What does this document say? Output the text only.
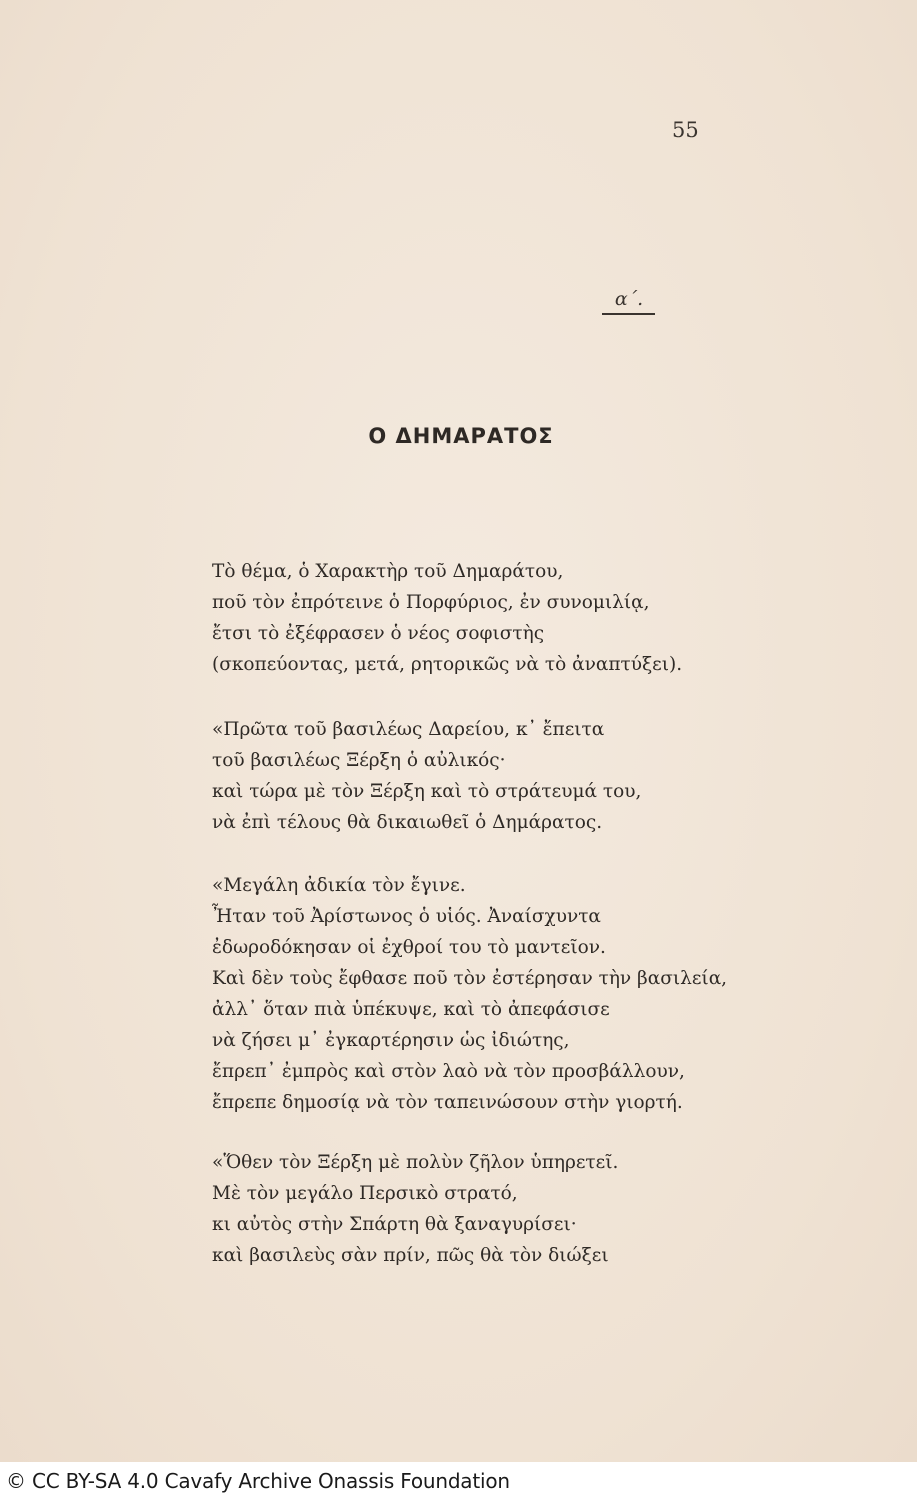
55
α΄.
Ο ΔΗΜΑΡΑΤΟΣ
Τὸ θέμα, ὁ Χαρακτὴρ τοῦ Δημαράτου,
ποῦ τὸν ἐπρότεινε ὁ Πορφύριος, ἐν συνομιλίᾳ,
ἔτσι τὸ ἐξέφρασεν ὁ νέος σοφιστὴς
(σκοπεύοντας, μετά, ρητορικῶς νὰ τὸ ἀναπτύξει).
«Πρῶτα τοῦ βασιλέως Δαρείου, κ᾿ ἔπειτα
τοῦ βασιλέως Ξέρξη ὁ αὐλικός·
καὶ τώρα μὲ τὸν Ξέρξη καὶ τὸ στράτευμά του,
νὰ ἐπὶ τέλους θὰ δικαιωθεῖ ὁ Δημάρατος.
«Μεγάλη ἀδικία τὸν ἔγινε.
Ἦταν τοῦ Ἀρίστωνος ὁ υἱός. Ἀναίσχυντα
ἐδωροδόκησαν οἱ ἐχθροί του τὸ μαντεῖον.
Καὶ δὲν τοὺς ἔφθασε ποῦ τὸν ἐστέρησαν τὴν βασιλεία,
ἀλλ᾿ ὅταν πιὰ ὑπέκυψε, καὶ τὸ ἀπεφάσισε
νὰ ζήσει μ᾿ ἐγκαρτέρησιν ὡς ἰδιώτης,
ἔπρεπ᾿ ἐμπρὸς καὶ στὸν λαὸ νὰ τὸν προσβάλλουν,
ἔπρεπε δημοσίᾳ νὰ τὸν ταπεινώσουν στὴν γιορτή.
«Ὅθεν τὸν Ξέρξη μὲ πολὺν ζῆλον ὑπηρετεῖ.
Μὲ τὸν μεγάλο Περσικὸ στρατό,
κι αὐτὸς στὴν Σπάρτη θὰ ξαναγυρίσει·
καὶ βασιλεὺς σὰν πρίν, πῶς θὰ τὸν διώξει
© CC BY-SA 4.0 Cavafy Archive Onassis Foundation
